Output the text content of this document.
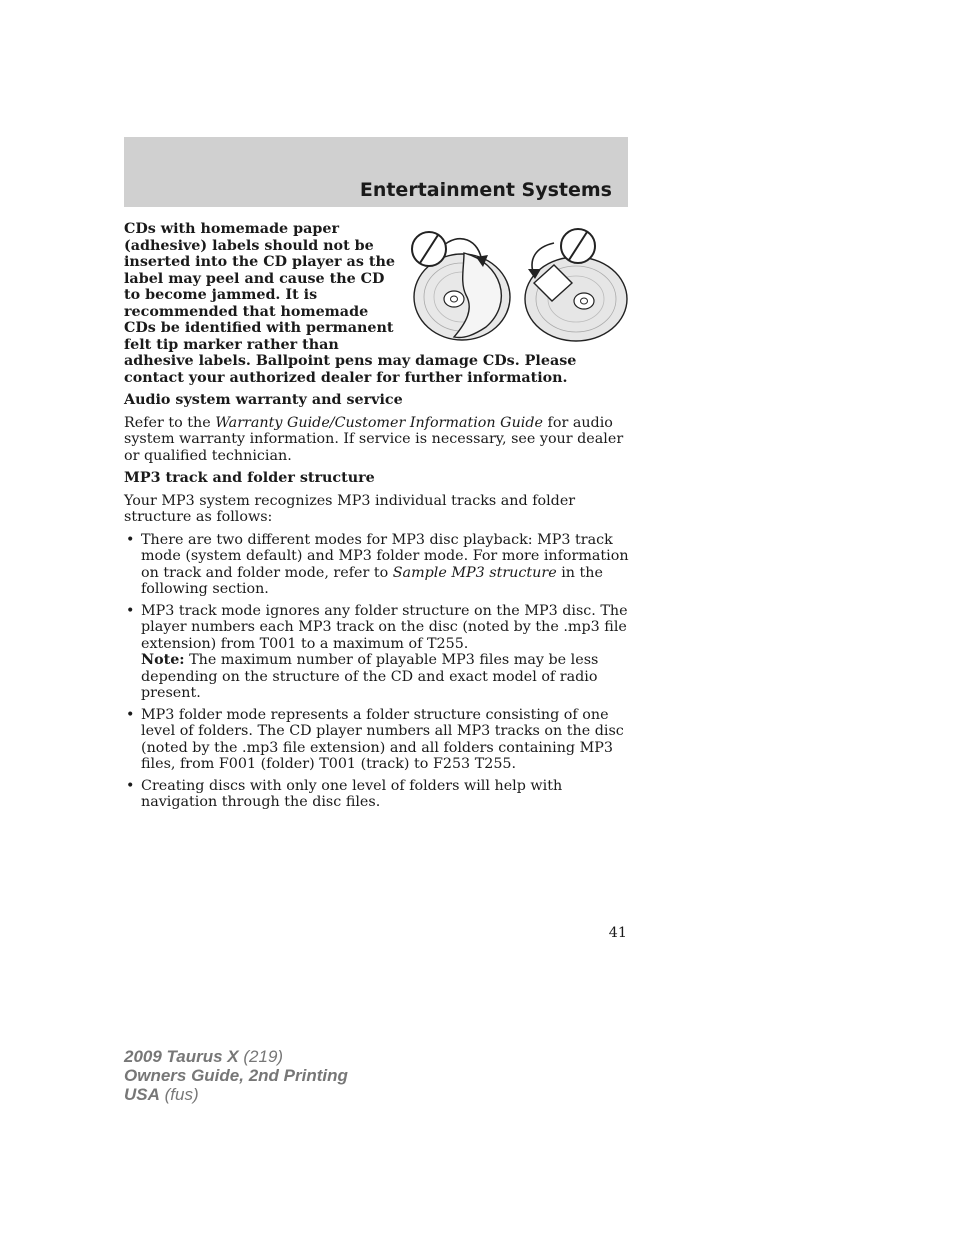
Entertainment Systems

CDs with homemade paper (adhesive) labels should not be inserted into the CD player as the label may peel and cause the CD to become jammed. It is recommended that homemade CDs be identified with permanent felt tip marker rather than adhesive labels. Ballpoint pens may damage CDs. Please contact your authorized dealer for further information.

Audio system warranty and service

Refer to the Warranty Guide/Customer Information Guide for audio system warranty information. If service is necessary, see your dealer or qualified technician.

MP3 track and folder structure

Your MP3 system recognizes MP3 individual tracks and folder structure as follows:

• There are two different modes for MP3 disc playback: MP3 track mode (system default) and MP3 folder mode. For more information on track and folder mode, refer to Sample MP3 structure in the following section.
• MP3 track mode ignores any folder structure on the MP3 disc. The player numbers each MP3 track on the disc (noted by the .mp3 file extension) from T001 to a maximum of T255.
Note: The maximum number of playable MP3 files may be less depending on the structure of the CD and exact model of radio present.
• MP3 folder mode represents a folder structure consisting of one level of folders. The CD player numbers all MP3 tracks on the disc (noted by the .mp3 file extension) and all folders containing MP3 files, from F001 (folder) T001 (track) to F253 T255.
• Creating discs with only one level of folders will help with navigation through the disc files.
41
2009 Taurus X (219)
Owners Guide, 2nd Printing
USA (fus)
